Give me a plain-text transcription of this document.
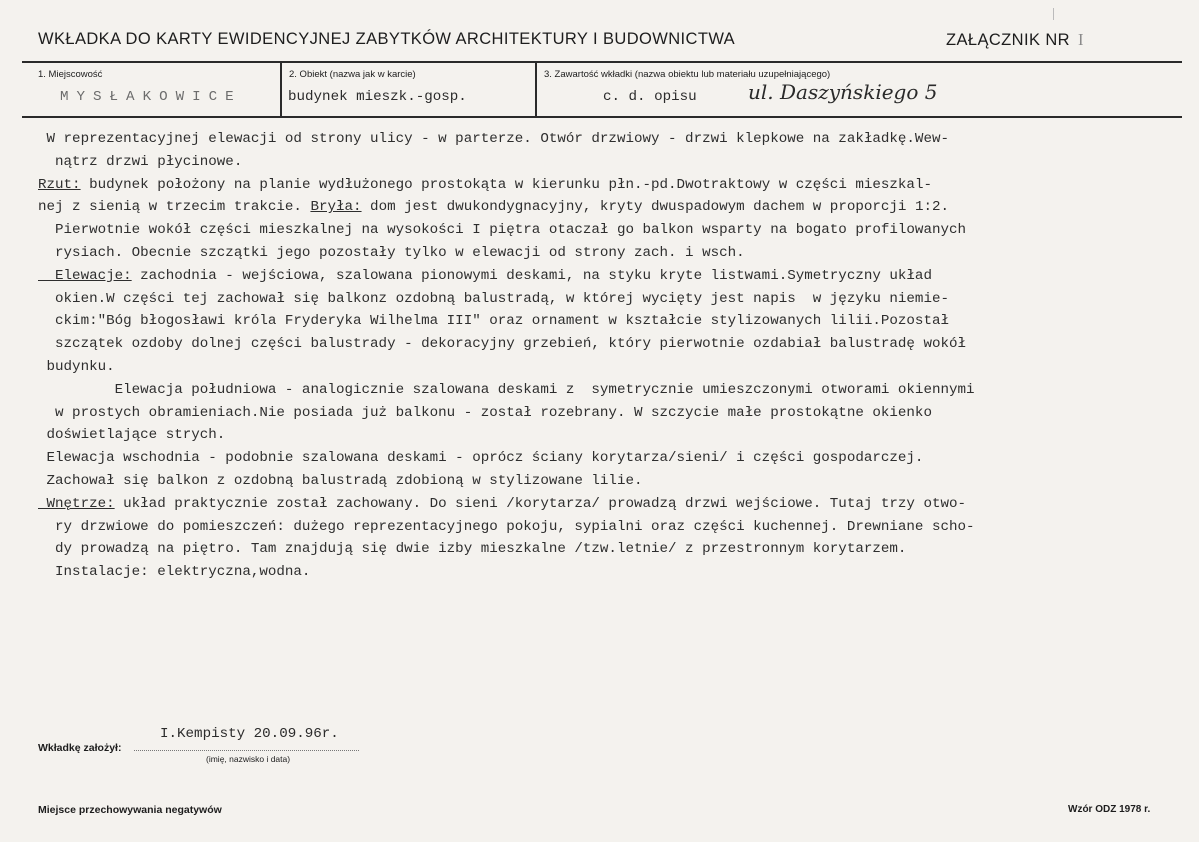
WKŁADKA DO KARTY EWIDENCYJNEJ ZABYTKÓW ARCHITEKTURY I BUDOWNICTWA	ZAŁĄCZNIK NR I
1. Miejscowość	2. Obiekt (nazwa jak w karcie)	3. Zawartość wkładki (nazwa obiektu lub materiału uzupełniającego)
MYSŁAKOWICE	budynek mieszk.-gosp.	c. d. opisu	ul. Daszyńskiego 5

W reprezentacyjnej elewacji od strony ulicy - w parterze. Otwór drzwiowy - drzwi klepkowe na zakładkę.Wew-

nątrz drzwi płycinowe.

Rzut: budynek położony na planie wydłużonego prostokąta w kierunku płn.-pd.Dwotraktowy w części mieszkal-

nej z sienią w trzecim trakcie. Bryła: dom jest dwukondygnacyjny, kryty dwuspadowym dachem w proporcji 1:2.

Pierwotnie wokół części mieszkalnej na wysokości I piętra otaczał go balkon wsparty na bogato profilowanych

rysiach. Obecnie szczątki jego pozostały tylko w elewacji od strony zach. i wsch.

Elewacje: zachodnia - wejściowa, szalowana pionowymi deskami, na styku kryte listwami.Symetryczny układ

okien.W części tej zachował się balkonz ozdobną balustradą, w której wycięty jest napis  w języku niemie-

ckim:"Bóg błogosławi króla Fryderyka Wilhelma III" oraz ornament w kształcie stylizowanych lilii.Pozostał

szczątek ozdoby dolnej części balustrady - dekoracyjny grzebień, który pierwotnie ozdabiał balustradę wokół

budynku.

Elewacja południowa - analogicznie szalowana deskami z  symetrycznie umieszczonymi otworami okiennymi

w prostych obramieniach.Nie posiada już balkonu - został rozebrany. W szczycie małe prostokątne okienko

doświetlające strych.

Elewacja wschodnia - podobnie szalowana deskami - oprócz ściany korytarza/sieni/ i części gospodarczej.

Zachował się balkon z ozdobną balustradą zdobioną w stylizowane lilie.

Wnętrze: układ praktycznie został zachowany. Do sieni /korytarza/ prowadzą drzwi wejściowe. Tutaj trzy otwo-

ry drzwiowe do pomieszczeń: dużego reprezentacyjnego pokoju, sypialni oraz części kuchennej. Drewniane scho-

dy prowadzą na piętro. Tam znajdują się dwie izby mieszkalne /tzw.letnie/ z przestronnym korytarzem.

Instalacje: elektryczna,wodna.

Wkładkę założył:
I.Kempisty 20.09.96r.
(imię, nazwisko i data)
Miejsce przechowywania negatywów	Wzór ODZ 1978 r.
